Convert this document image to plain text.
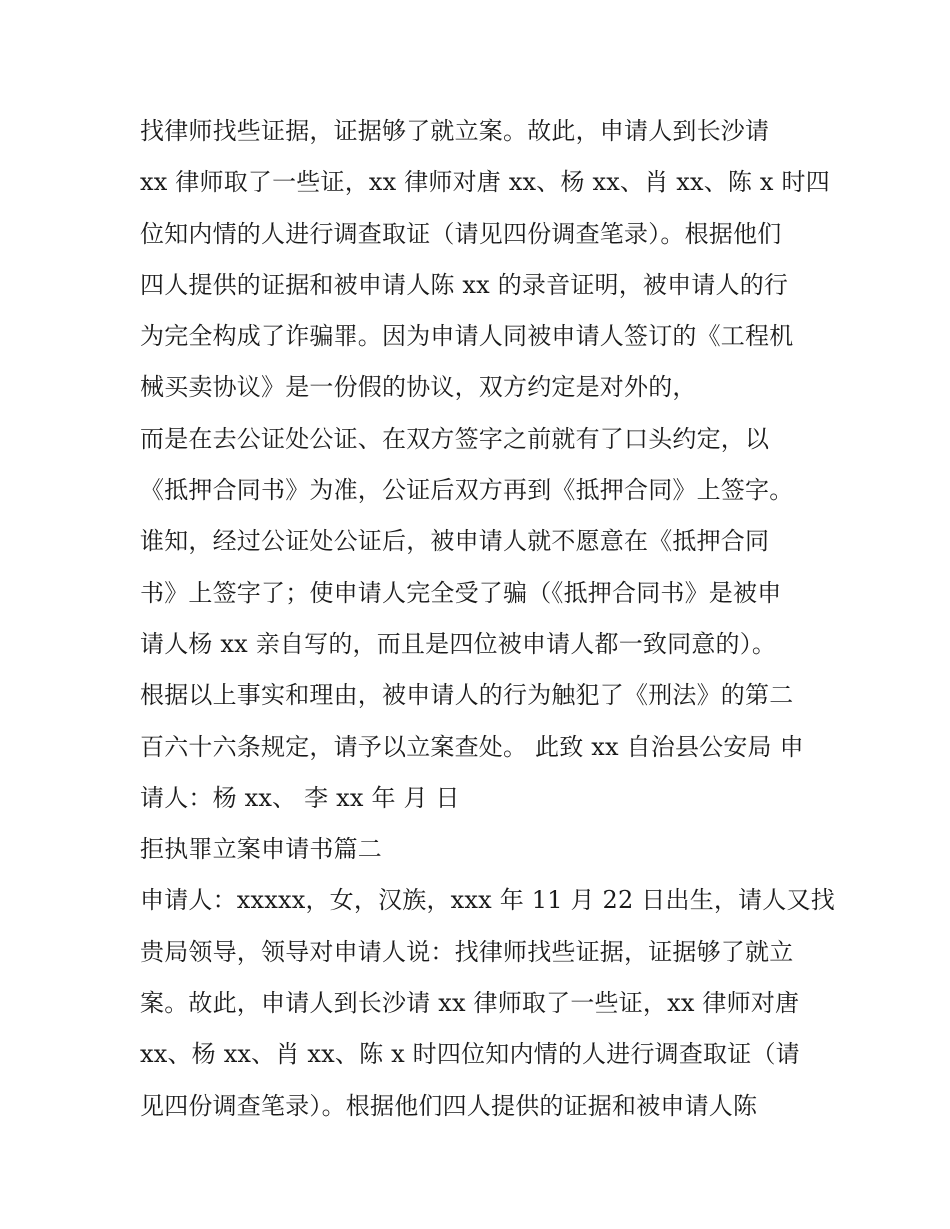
找律师找些证据，证据够了就立案。故此，申请人到长沙请
xx 律师取了一些证，xx 律师对唐 xx、杨 xx、肖 xx、陈 x 时四
位知内情的人进行调查取证（请见四份调查笔录）。根据他们
四人提供的证据和被申请人陈 xx 的录音证明，被申请人的行
为完全构成了诈骗罪。因为申请人同被申请人签订的《工程机
械买卖协议》是一份假的协议，双方约定是对外的，
而是在去公证处公证、在双方签字之前就有了口头约定，以
《抵押合同书》为准，公证后双方再到《抵押合同》上签字。
谁知，经过公证处公证后，被申请人就不愿意在《抵押合同
书》上签字了；使申请人完全受了骗（《抵押合同书》是被申
请人杨 xx 亲自写的，而且是四位被申请人都一致同意的）。
根据以上事实和理由，被申请人的行为触犯了《刑法》的第二
百六十六条规定，请予以立案查处。 此致 xx 自治县公安局 申
请人：杨 xx、 李 xx 年 月 日
拒执罪立案申请书篇二
申请人：xxxxx，女，汉族，xxx 年 11 月 22 日出生，请人又找
贵局领导，领导对申请人说：找律师找些证据，证据够了就立
案。故此，申请人到长沙请 xx 律师取了一些证，xx 律师对唐
xx、杨 xx、肖 xx、陈 x 时四位知内情的人进行调查取证（请
见四份调查笔录）。根据他们四人提供的证据和被申请人陈
